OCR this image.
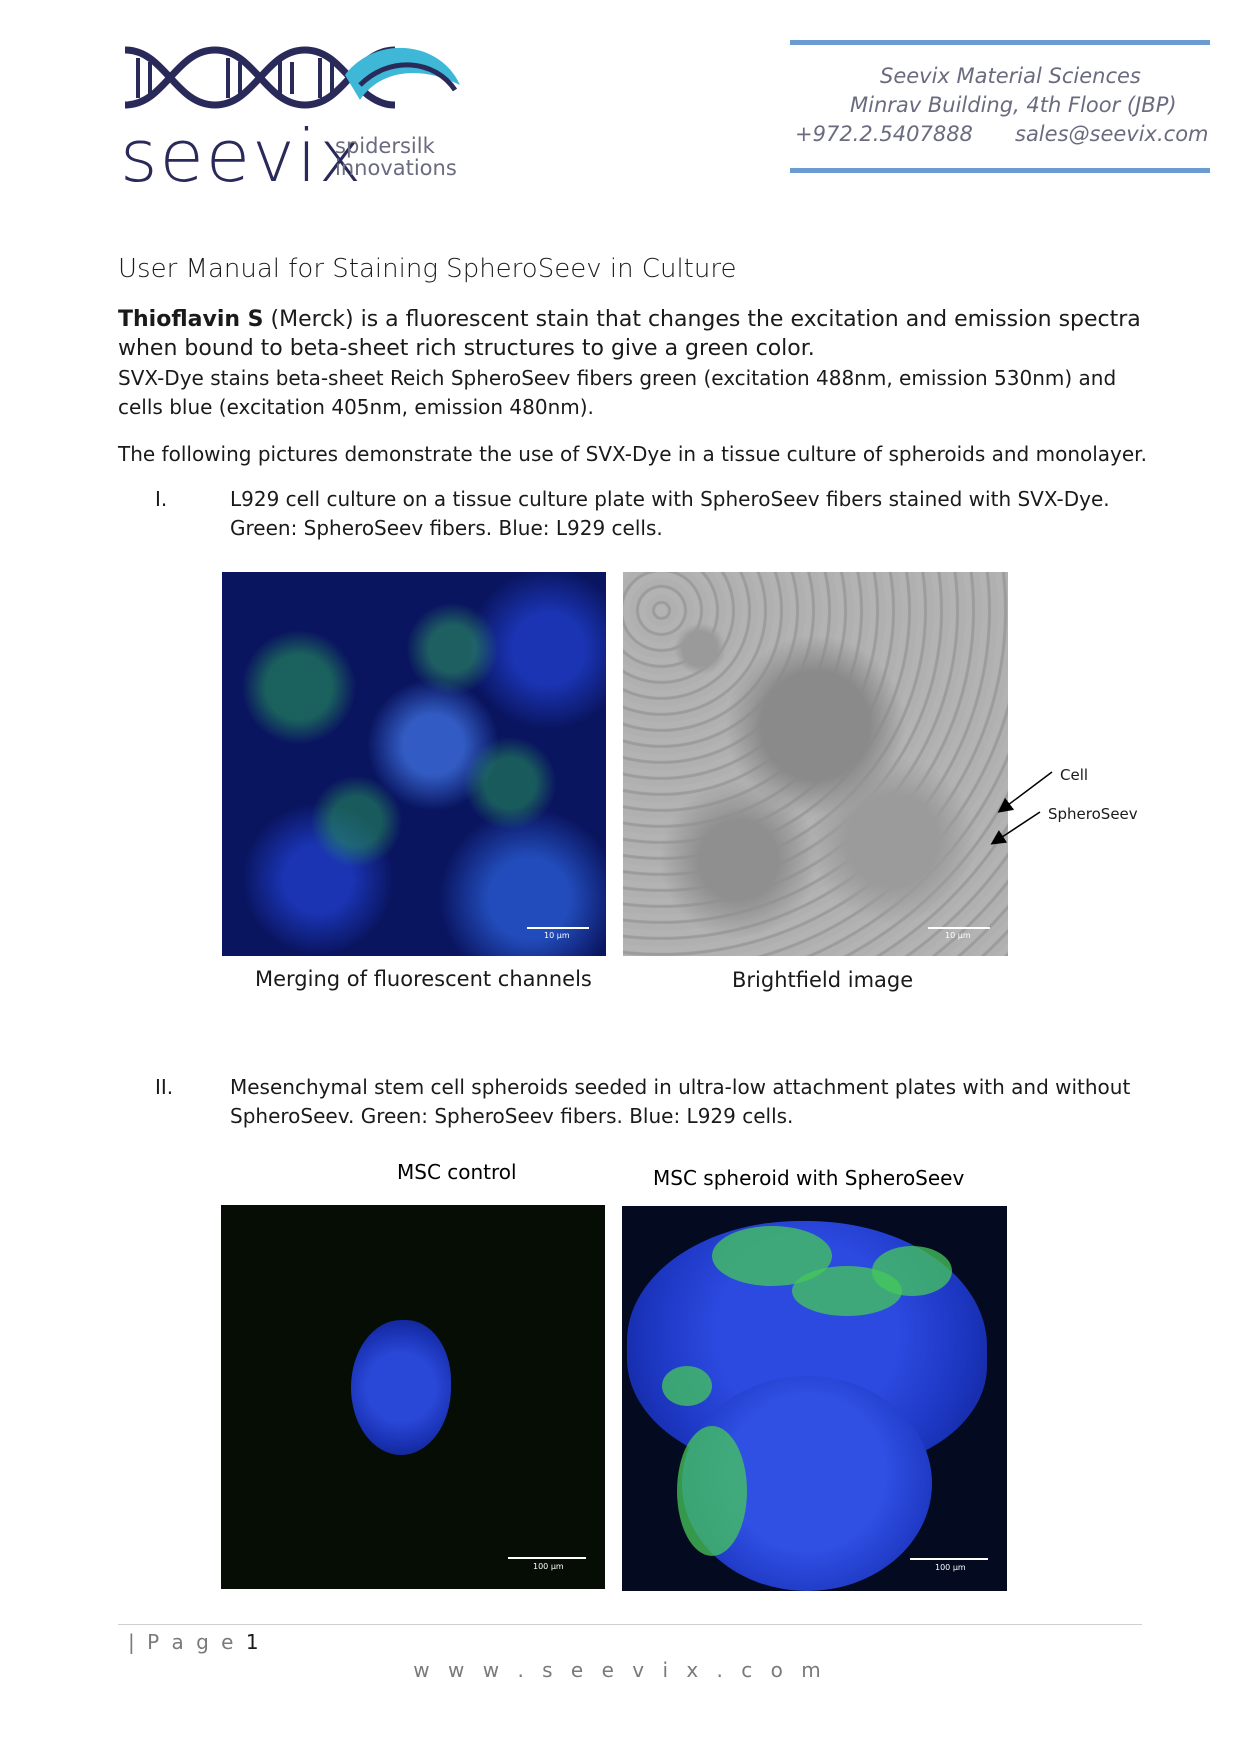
seevix
spidersilk
innovations
Seevix Material Sciences
Minrav Building, 4th Floor (JBP)
+972.2.5407888 sales@seevix.com
User Manual for Staining SpheroSeev in Culture
Thioflavin S (Merck) is a fluorescent stain that changes the excitation and emission spectra
when bound to beta-sheet rich structures to give a green color.
SVX-Dye stains beta-sheet Reich SpheroSeev fibers green (excitation 488nm, emission 530nm) and
cells blue (excitation 405nm, emission 480nm).
The following pictures demonstrate the use of SVX-Dye in a tissue culture of spheroids and monolayer.
I.	L929 cell culture on a tissue culture plate with SpheroSeev fibers stained with SVX-Dye.
Green: SpheroSeev fibers. Blue: L929 cells.
10 µm	10 µm
Cell
SpheroSeev
Merging of fluorescent channels	Brightfield image
II.	Mesenchymal stem cell spheroids seeded in ultra-low attachment plates with and without
SpheroSeev. Green: SpheroSeev fibers. Blue: L929 cells.
MSC control	MSC spheroid with SpheroSeev
100 µm	100 µm
| P a g e 1
w w w . s e e v i x . c o m
